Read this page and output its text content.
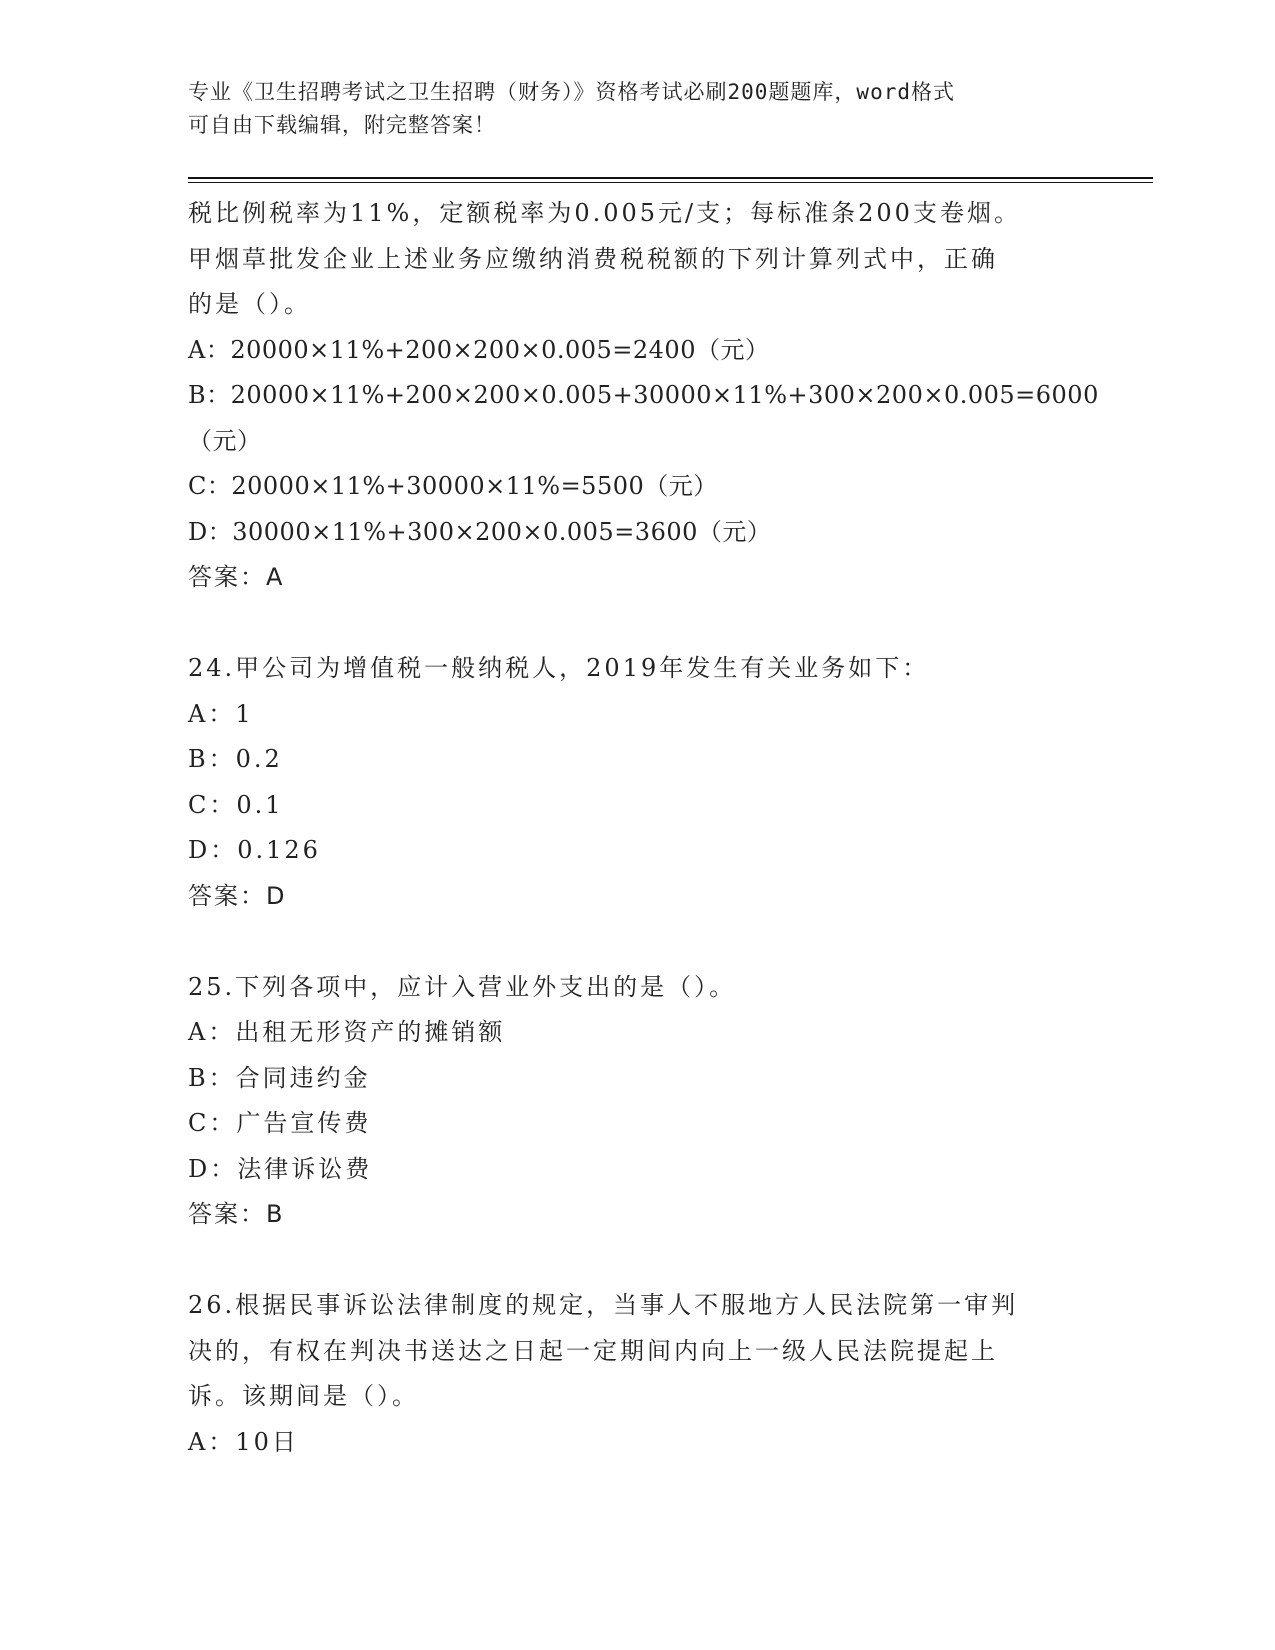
专业《卫生招聘考试之卫生招聘（财务）》资格考试必刷200题题库，word格式
可自由下载编辑，附完整答案！
税比例税率为11%，定额税率为0.005元/支；每标准条200支卷烟。
甲烟草批发企业上述业务应缴纳消费税税额的下列计算列式中，正确
的是（）。
A：20000×11%+200×200×0.005=2400（元）
B：20000×11%+200×200×0.005+30000×11%+300×200×0.005=6000
（元）
C：20000×11%+30000×11%=5500（元）
D：30000×11%+300×200×0.005=3600（元）
答案：A
24.甲公司为增值税一般纳税人，2019年发生有关业务如下：
A：1
B：0.2
C：0.1
D：0.126
答案：D
25.下列各项中，应计入营业外支出的是（）。
A：出租无形资产的摊销额
B：合同违约金
C：广告宣传费
D：法律诉讼费
答案：B
26.根据民事诉讼法律制度的规定，当事人不服地方人民法院第一审判
决的，有权在判决书送达之日起一定期间内向上一级人民法院提起上
诉。该期间是（）。
A：10日
